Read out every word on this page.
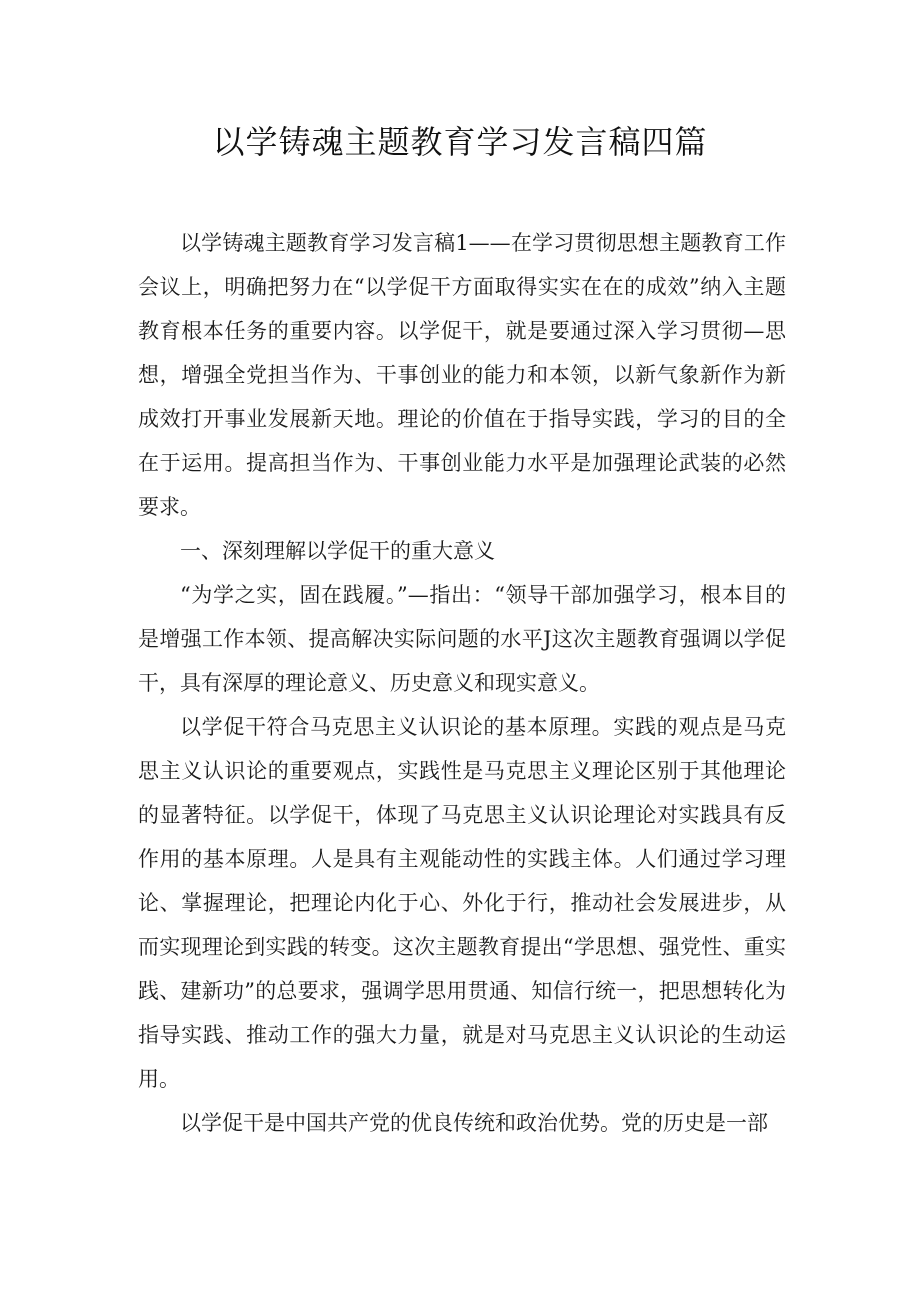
以学铸魂主题教育学习发言稿四篇

以学铸魂主题教育学习发言稿1——在学习贯彻思想主题教育工作会议上，明确把努力在“以学促干方面取得实实在在的成效”纳入主题教育根本任务的重要内容。以学促干，就是要通过深入学习贯彻—思想，增强全党担当作为、干事创业的能力和本领，以新气象新作为新成效打开事业发展新天地。理论的价值在于指导实践，学习的目的全在于运用。提高担当作为、干事创业能力水平是加强理论武装的必然要求。

一、深刻理解以学促干的重大意义

“为学之实，固在践履。”—指出：“领导干部加强学习，根本目的是增强工作本领、提高解决实际问题的水平J这次主题教育强调以学促干，具有深厚的理论意义、历史意义和现实意义。

以学促干符合马克思主义认识论的基本原理。实践的观点是马克思主义认识论的重要观点，实践性是马克思主义理论区别于其他理论的显著特征。以学促干，体现了马克思主义认识论理论对实践具有反作用的基本原理。人是具有主观能动性的实践主体。人们通过学习理论、掌握理论，把理论内化于心、外化于行，推动社会发展进步，从而实现理论到实践的转变。这次主题教育提出“学思想、强党性、重实践、建新功”的总要求，强调学思用贯通、知信行统一，把思想转化为指导实践、推动工作的强大力量，就是对马克思主义认识论的生动运用。

以学促干是中国共产党的优良传统和政治优势。党的历史是一部
